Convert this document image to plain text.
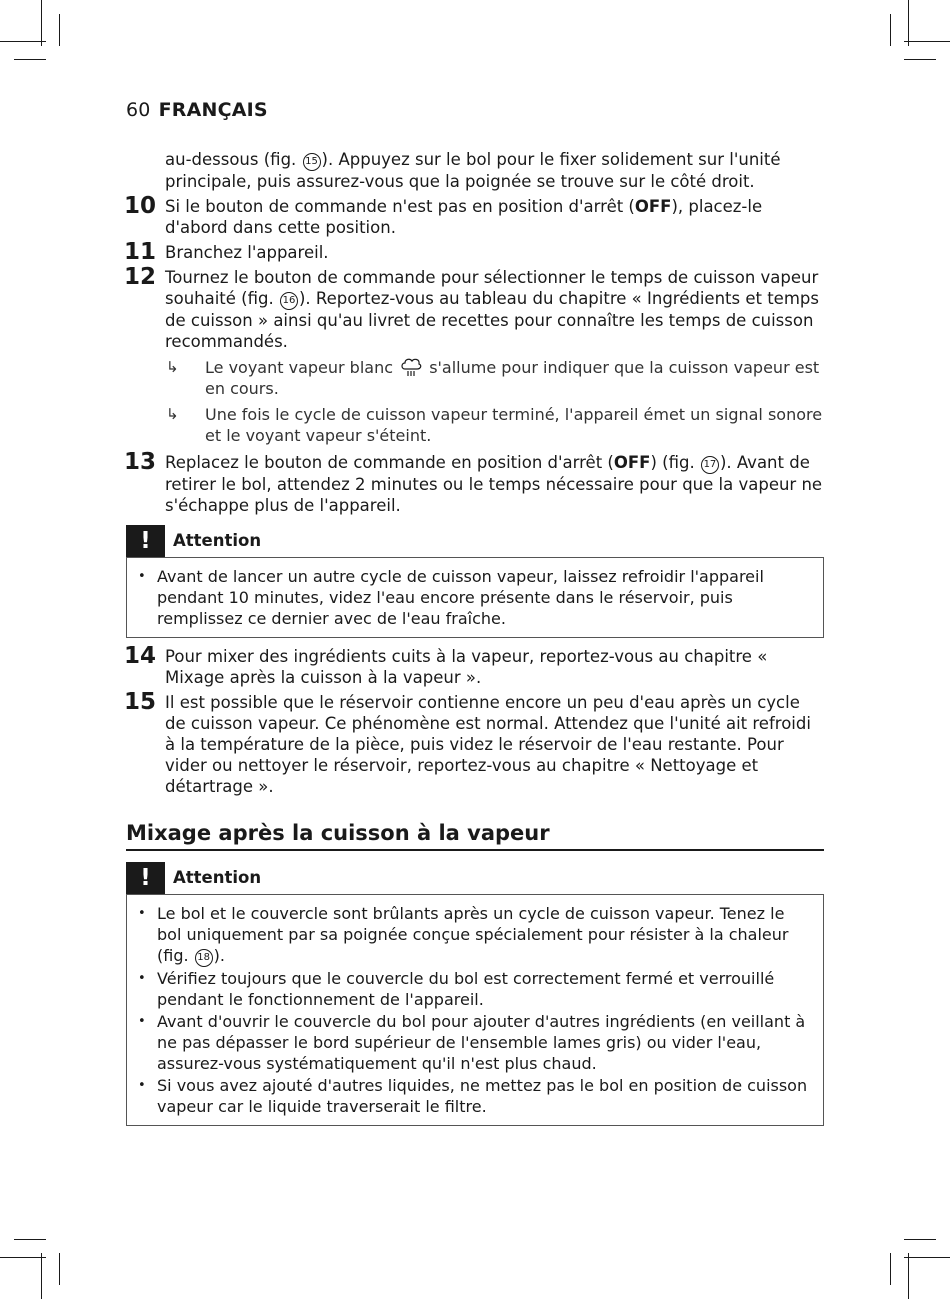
60 FRANÇAIS
au-dessous (fig. 15 ). Appuyez sur le bol pour le fixer solidement sur l'unité principale, puis assurez-vous que la poignée se trouve sur le côté droit.
10 Si le bouton de commande n'est pas en position d'arrêt (OFF), placez-le d'abord dans cette position.
11 Branchez l'appareil.
12 Tournez le bouton de commande pour sélectionner le temps de cuisson vapeur souhaité (fig. 16 ). Reportez-vous au tableau du chapitre « Ingrédients et temps de cuisson » ainsi qu'au livret de recettes pour connaître les temps de cuisson recommandés.
↳ Le voyant vapeur blanc  s'allume pour indiquer que la cuisson vapeur est en cours.
↳ Une fois le cycle de cuisson vapeur terminé, l'appareil émet un signal sonore et le voyant vapeur s'éteint.
13 Replacez le bouton de commande en position d'arrêt (OFF) (fig. 17 ). Avant de retirer le bol, attendez 2 minutes ou le temps nécessaire pour que la vapeur ne s'échappe plus de l'appareil.
!	Attention
• Avant de lancer un autre cycle de cuisson vapeur, laissez refroidir l'appareil pendant 10 minutes, videz l'eau encore présente dans le réservoir, puis remplissez ce dernier avec de l'eau fraîche.
14 Pour mixer des ingrédients cuits à la vapeur, reportez-vous au chapitre « Mixage après la cuisson à la vapeur ».
15 Il est possible que le réservoir contienne encore un peu d'eau après un cycle de cuisson vapeur. Ce phénomène est normal. Attendez que l'unité ait refroidi à la température de la pièce, puis videz le réservoir de l'eau restante. Pour vider ou nettoyer le réservoir, reportez-vous au chapitre « Nettoyage et détartrage ».
Mixage après la cuisson à la vapeur
!	Attention
• Le bol et le couvercle sont brûlants après un cycle de cuisson vapeur. Tenez le bol uniquement par sa poignée conçue spécialement pour résister à la chaleur (fig. 18 ).
• Vérifiez toujours que le couvercle du bol est correctement fermé et verrouillé pendant le fonctionnement de l'appareil.
• Avant d'ouvrir le couvercle du bol pour ajouter d'autres ingrédients (en veillant à ne pas dépasser le bord supérieur de l'ensemble lames gris) ou vider l'eau, assurez-vous systématiquement qu'il n'est plus chaud.
• Si vous avez ajouté d'autres liquides, ne mettez pas le bol en position de cuisson vapeur car le liquide traverserait le filtre.
